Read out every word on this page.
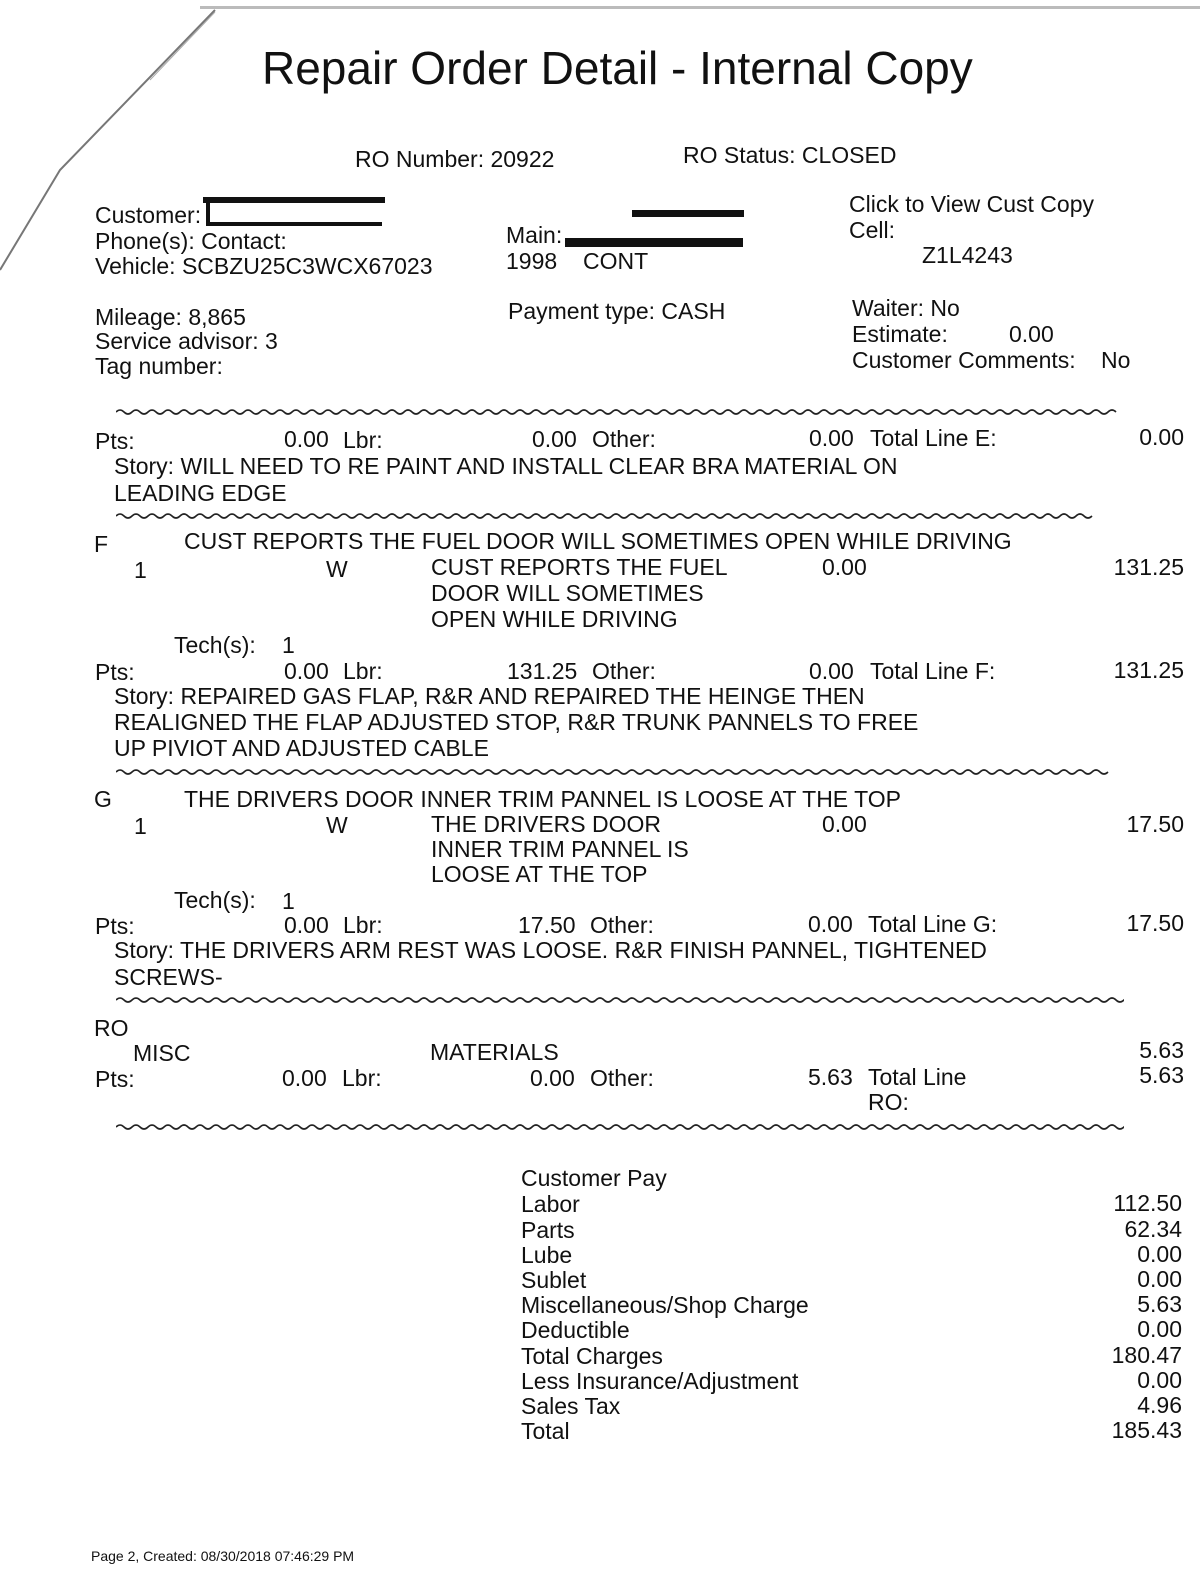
Repair Order Detail - Internal Copy
RO Number: 20922	RO Status: CLOSED
Customer:
Phone(s): Contact:
Vehicle: SCBZU25C3WCX67023
Main:
1998 CONT
Click to View Cust Copy
Cell:
Z1L4243
Mileage: 8,865
Service advisor: 3
Tag number:
Payment type: CASH	Waiter: No
Estimate:	0.00
Customer Comments: No
Pts:	0.00 Lbr:	0.00 Other:	0.00 Total Line E:	0.00
Story: WILL NEED TO RE PAINT AND INSTALL CLEAR BRA MATERIAL ON
LEADING EDGE
F	CUST REPORTS THE FUEL DOOR WILL SOMETIMES OPEN WHILE DRIVING
1	W	CUST REPORTS THE FUEL
DOOR WILL SOMETIMES
OPEN WHILE DRIVING
0.00	131.25
Tech(s): 1
Pts:	0.00 Lbr:	131.25 Other:	0.00 Total Line F:	131.25
Story: REPAIRED GAS FLAP, R&R AND REPAIRED THE HEINGE THEN
REALIGNED THE FLAP ADJUSTED STOP, R&R TRUNK PANNELS TO FREE
UP PIVIOT AND ADJUSTED CABLE
G	THE DRIVERS DOOR INNER TRIM PANNEL IS LOOSE AT THE TOP
1	W	THE DRIVERS DOOR
INNER TRIM PANNEL IS
LOOSE AT THE TOP
0.00	17.50
Tech(s): 1
Pts:	0.00 Lbr:	17.50 Other:	0.00 Total Line G:	17.50
Story: THE DRIVERS ARM REST WAS LOOSE. R&R FINISH PANNEL, TIGHTENED
SCREWS-
RO
MISC	MATERIALS	5.63
Pts:	0.00 Lbr:	0.00 Other:	5.63 Total Line
RO:
5.63
Customer Pay
Labor	112.50
Parts	62.34
Lube	0.00
Sublet	0.00
Miscellaneous/Shop Charge	5.63
Deductible	0.00
Total Charges	180.47
Less Insurance/Adjustment	0.00
Sales Tax	4.96
Total	185.43
Page 2, Created: 08/30/2018 07:46:29 PM
